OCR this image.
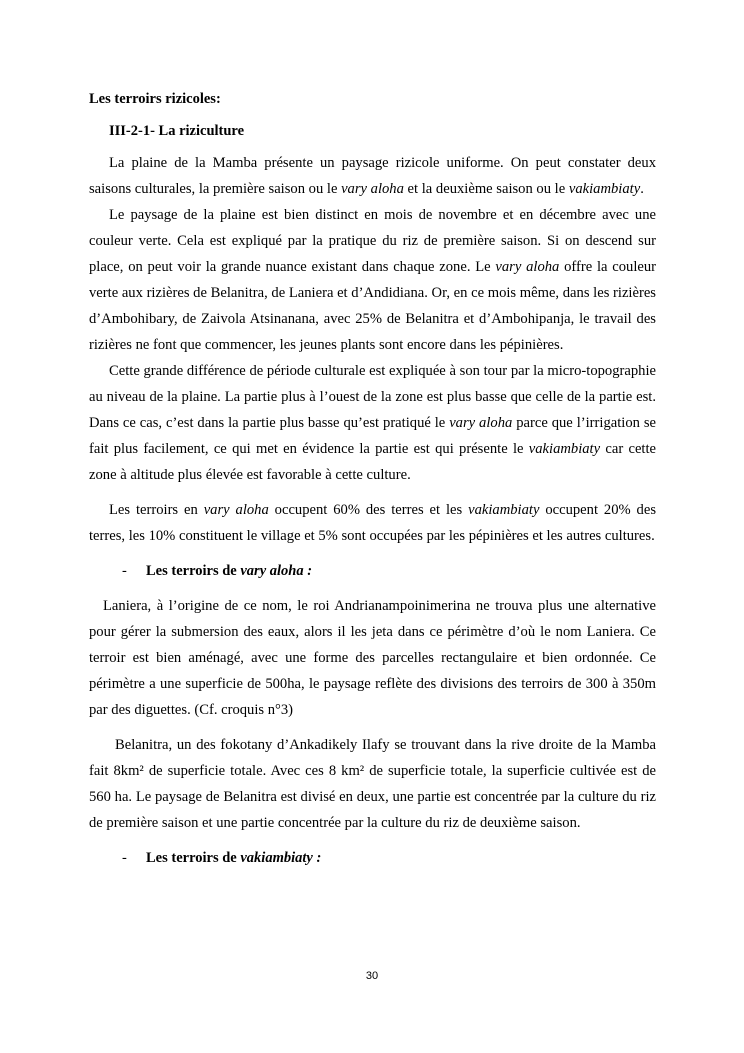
Les terroirs rizicoles:

III-2-1- La riziculture

La plaine de la Mamba présente un paysage rizicole uniforme. On peut constater deux saisons culturales, la première saison ou le vary aloha et la deuxième saison ou le vakiambiaty.

Le paysage de la plaine est bien distinct en mois de novembre et en décembre avec une couleur verte. Cela est expliqué par la pratique du riz de première saison. Si on descend sur place, on peut voir la grande nuance existant dans chaque zone. Le vary aloha offre la couleur verte aux rizières de Belanitra, de Laniera et d’Andidiana. Or, en ce mois même, dans les rizières d’Ambohibary, de Zaivola Atsinanana, avec 25% de Belanitra et d’Ambohipanja, le travail des rizières ne font que commencer, les jeunes plants sont encore dans les pépinières.

Cette grande différence de période culturale est expliquée à son tour par la micro-topographie au niveau de la plaine. La partie plus à l’ouest de la zone est plus basse que celle de la partie est. Dans ce cas, c’est dans la partie plus basse qu’est pratiqué le vary aloha parce que l’irrigation se fait plus facilement, ce qui met en évidence la partie est qui présente le vakiambiaty car cette zone à altitude plus élevée est favorable à cette culture.

Les terroirs en vary aloha occupent 60% des terres et les vakiambiaty occupent 20% des terres, les 10% constituent le village et 5% sont occupées par les pépinières et les autres cultures.

-	Les terroirs de vary aloha :

Laniera, à l’origine de ce nom, le roi Andrianampoinimerina ne trouva plus une alternative pour gérer la submersion des eaux, alors il les jeta dans ce périmètre d’où le nom Laniera. Ce terroir est bien aménagé, avec une forme des parcelles rectangulaire et bien ordonnée. Ce périmètre a une superficie de 500ha, le paysage reflète des divisions des terroirs de 300 à 350m par des diguettes. (Cf. croquis n°3)

Belanitra, un des fokotany d’Ankadikely Ilafy se trouvant dans la rive droite de la Mamba fait 8km² de superficie totale. Avec ces 8 km² de superficie totale, la superficie cultivée est de 560 ha. Le paysage de Belanitra est divisé en deux, une partie est concentrée par la culture du riz de première saison et une partie concentrée par la culture du riz de deuxième saison.

-	Les terroirs de vakiambiaty :

30
